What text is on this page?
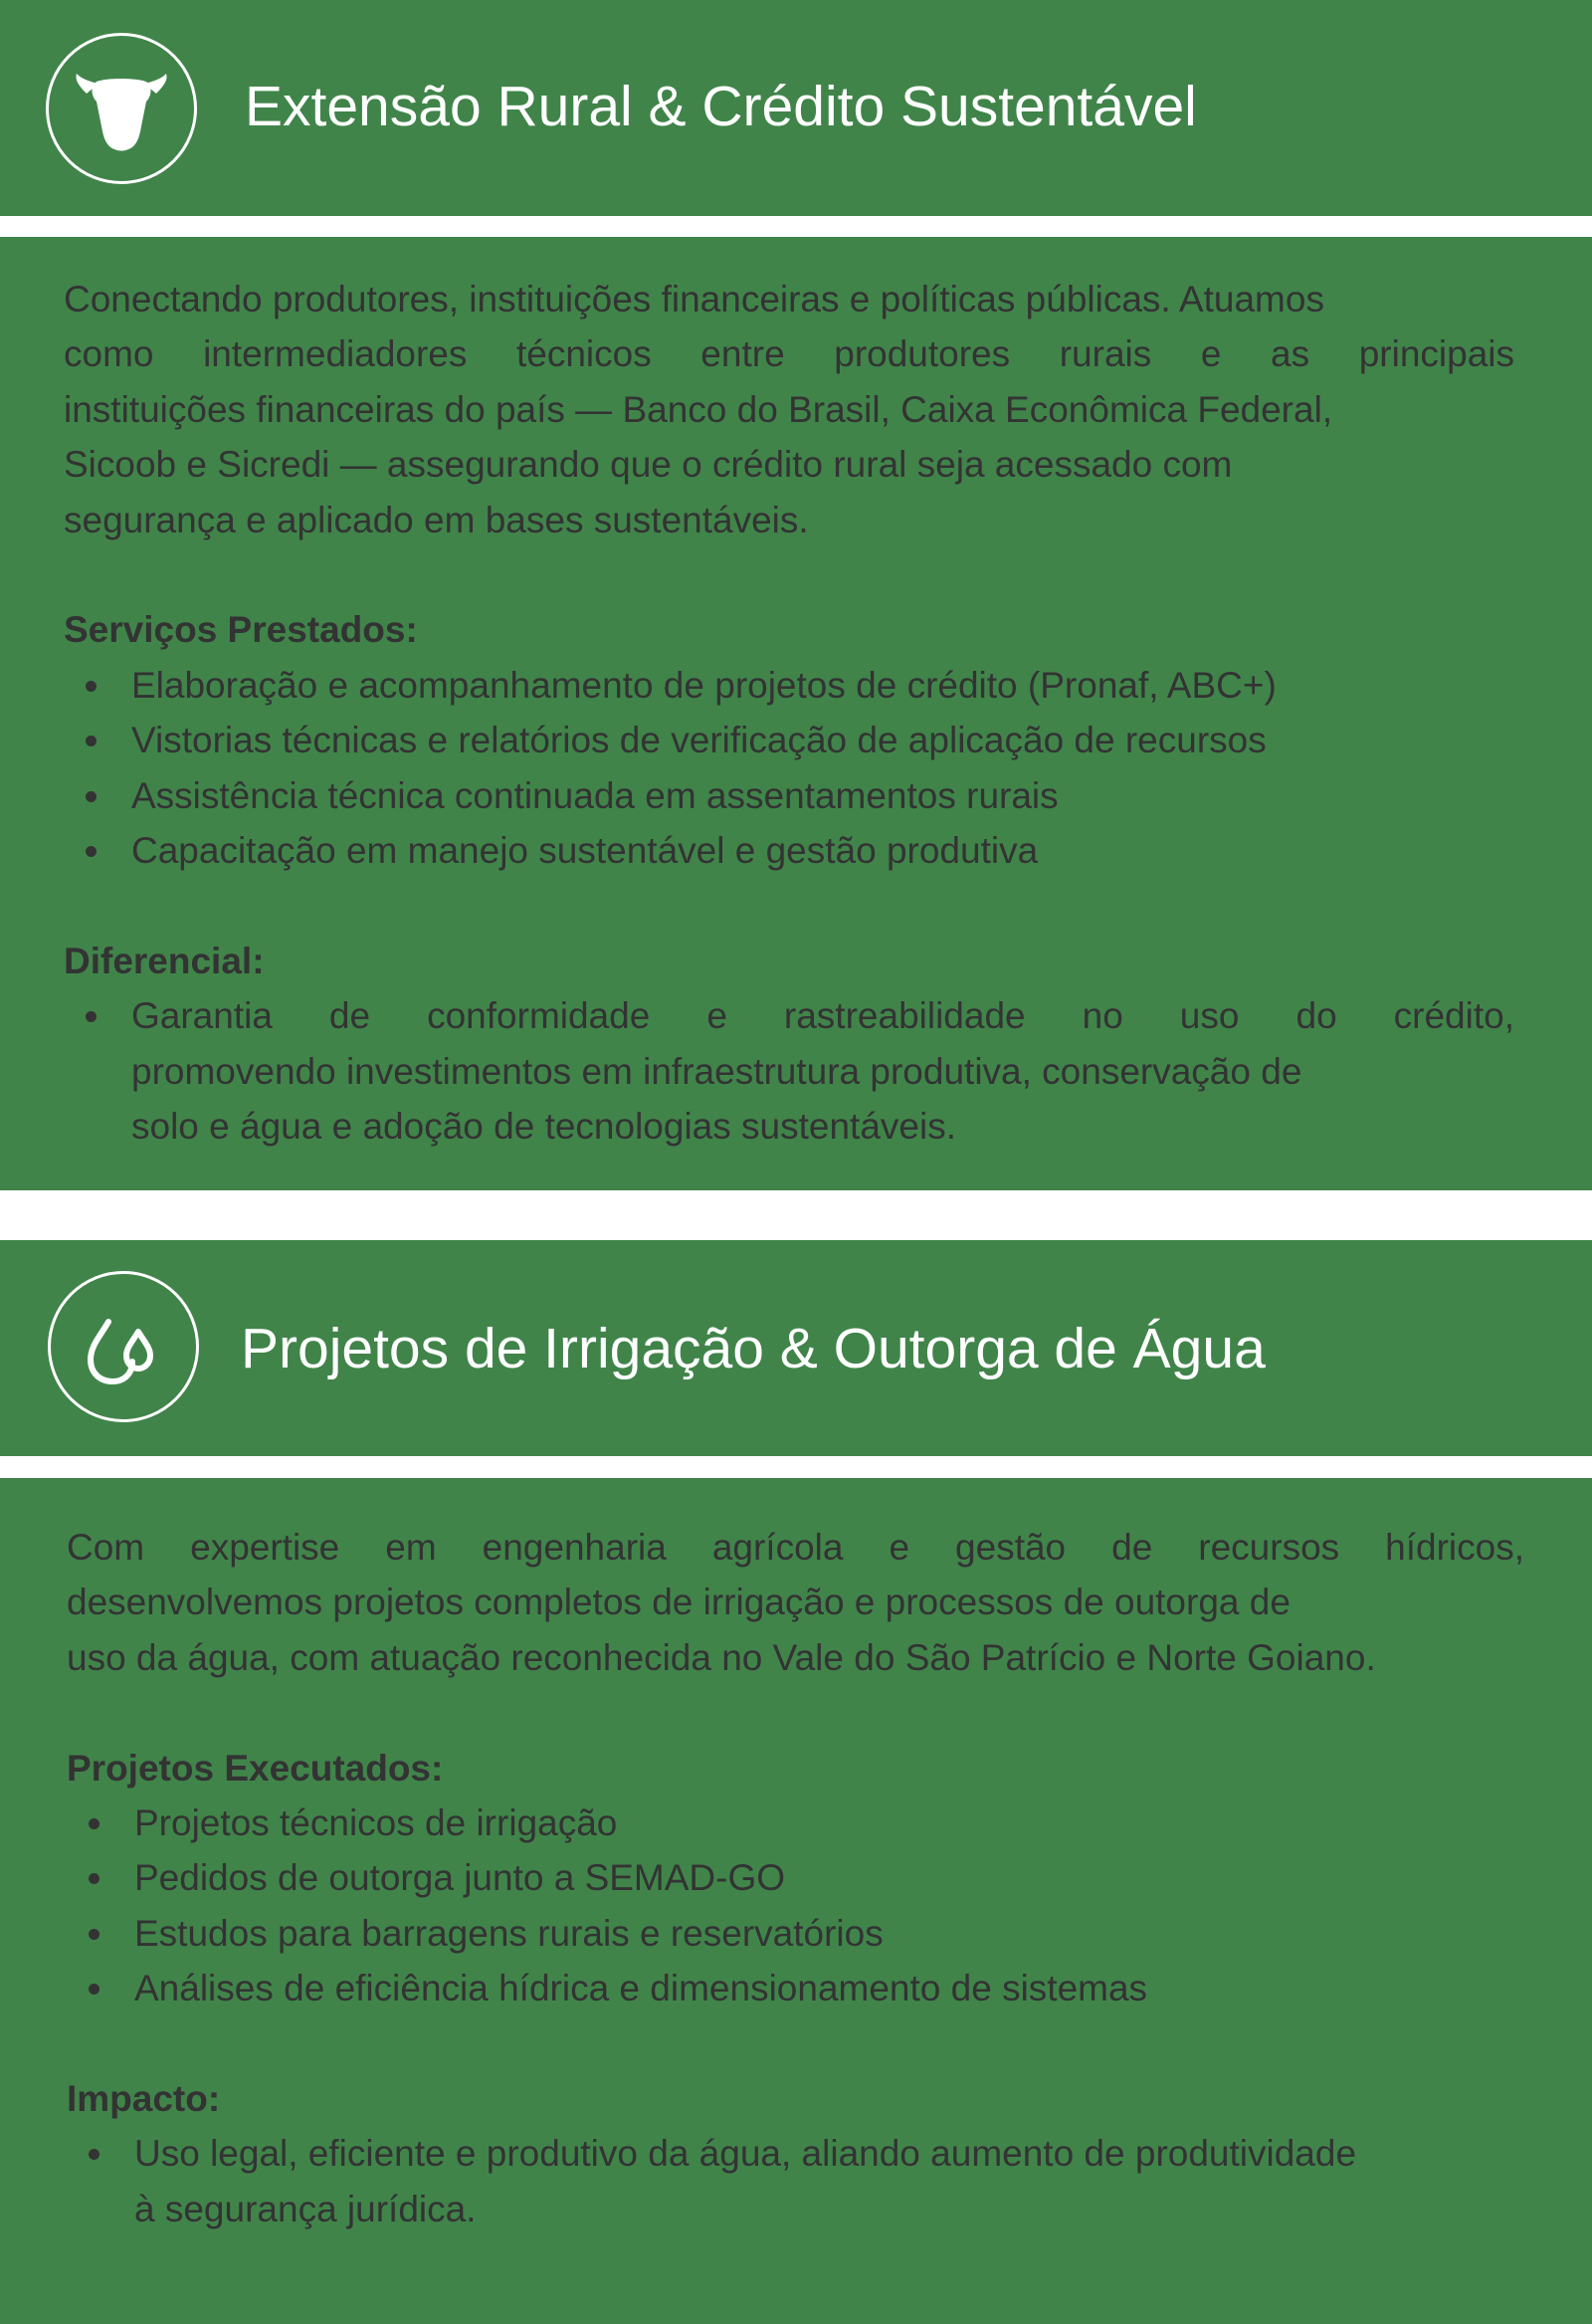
Extensão Rural & Crédito Sustentável

Conectando produtores, instituições financeiras e políticas públicas. Atuamos

como intermediadores técnicos entre produtores rurais e as principais

instituições financeiras do país — Banco do Brasil, Caixa Econômica Federal,

Sicoob e Sicredi — assegurando que o crédito rural seja acessado com

segurança e aplicado em bases sustentáveis.

Serviços Prestados:

Elaboração e acompanhamento de projetos de crédito (Pronaf, ABC+)
Vistorias técnicas e relatórios de verificação de aplicação de recursos
Assistência técnica continuada em assentamentos rurais
Capacitação em manejo sustentável e gestão produtiva

Diferencial:

Garantia de conformidade e rastreabilidade no uso do crédito,
promovendo investimentos em infraestrutura produtiva, conservação de
solo e água e adoção de tecnologias sustentáveis.
Projetos de Irrigação & Outorga de Água

Com expertise em engenharia agrícola e gestão de recursos hídricos,

desenvolvemos projetos completos de irrigação e processos de outorga de

uso da água, com atuação reconhecida no Vale do São Patrício e Norte Goiano.

Projetos Executados:

Projetos técnicos de irrigação
Pedidos de outorga junto a SEMAD-GO
Estudos para barragens rurais e reservatórios
Análises de eficiência hídrica e dimensionamento de sistemas

Impacto:

Uso legal, eficiente e produtivo da água, aliando aumento de produtividade
à segurança jurídica.
